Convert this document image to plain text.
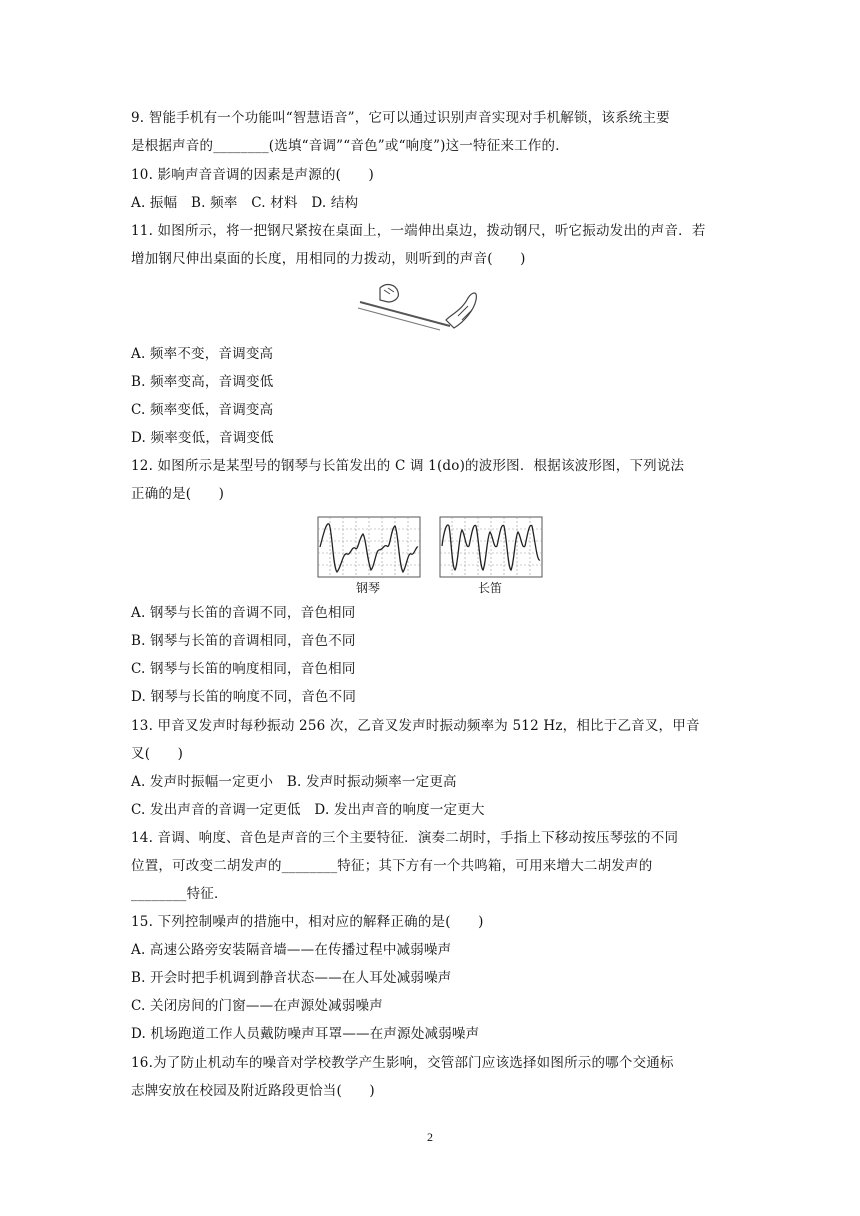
9. 智能手机有一个功能叫“智慧语音”，它可以通过识别声音实现对手机解锁，该系统主要
是根据声音的________(选填“音调”“音色”或“响度”)这一特征来工作的．
10. 影响声音音调的因素是声源的(　　)
A. 振幅　B. 频率　C. 材料　D. 结构
11. 如图所示，将一把钢尺紧按在桌面上，一端伸出桌边，拨动钢尺，听它振动发出的声音．若
增加钢尺伸出桌面的长度，用相同的力拨动，则听到的声音(　　)
A. 频率不变，音调变高
B. 频率变高，音调变低
C. 频率变低，音调变高
D. 频率变低，音调变低
12. 如图所示是某型号的钢琴与长笛发出的 C 调 1(do)的波形图．根据该波形图，下列说法
正确的是(　　)
钢琴	长笛
A. 钢琴与长笛的音调不同，音色相同
B. 钢琴与长笛的音调相同，音色不同
C. 钢琴与长笛的响度相同，音色相同
D. 钢琴与长笛的响度不同，音色不同
13. 甲音叉发声时每秒振动 256 次，乙音叉发声时振动频率为 512 Hz，相比于乙音叉，甲音
叉(　　)
A. 发声时振幅一定更小　B. 发声时振动频率一定更高
C. 发出声音的音调一定更低　D. 发出声音的响度一定更大
14. 音调、响度、音色是声音的三个主要特征．演奏二胡时，手指上下移动按压琴弦的不同
位置，可改变二胡发声的________特征；其下方有一个共鸣箱，可用来增大二胡发声的
________特征．
15. 下列控制噪声的措施中，相对应的解释正确的是(　　)
A. 高速公路旁安装隔音墙——在传播过程中减弱噪声
B. 开会时把手机调到静音状态——在人耳处减弱噪声
C. 关闭房间的门窗——在声源处减弱噪声
D. 机场跑道工作人员戴防噪声耳罩——在声源处减弱噪声
16.为了防止机动车的噪音对学校教学产生影响，交管部门应该选择如图所示的哪个交通标
志牌安放在校园及附近路段更恰当(　　)
2
